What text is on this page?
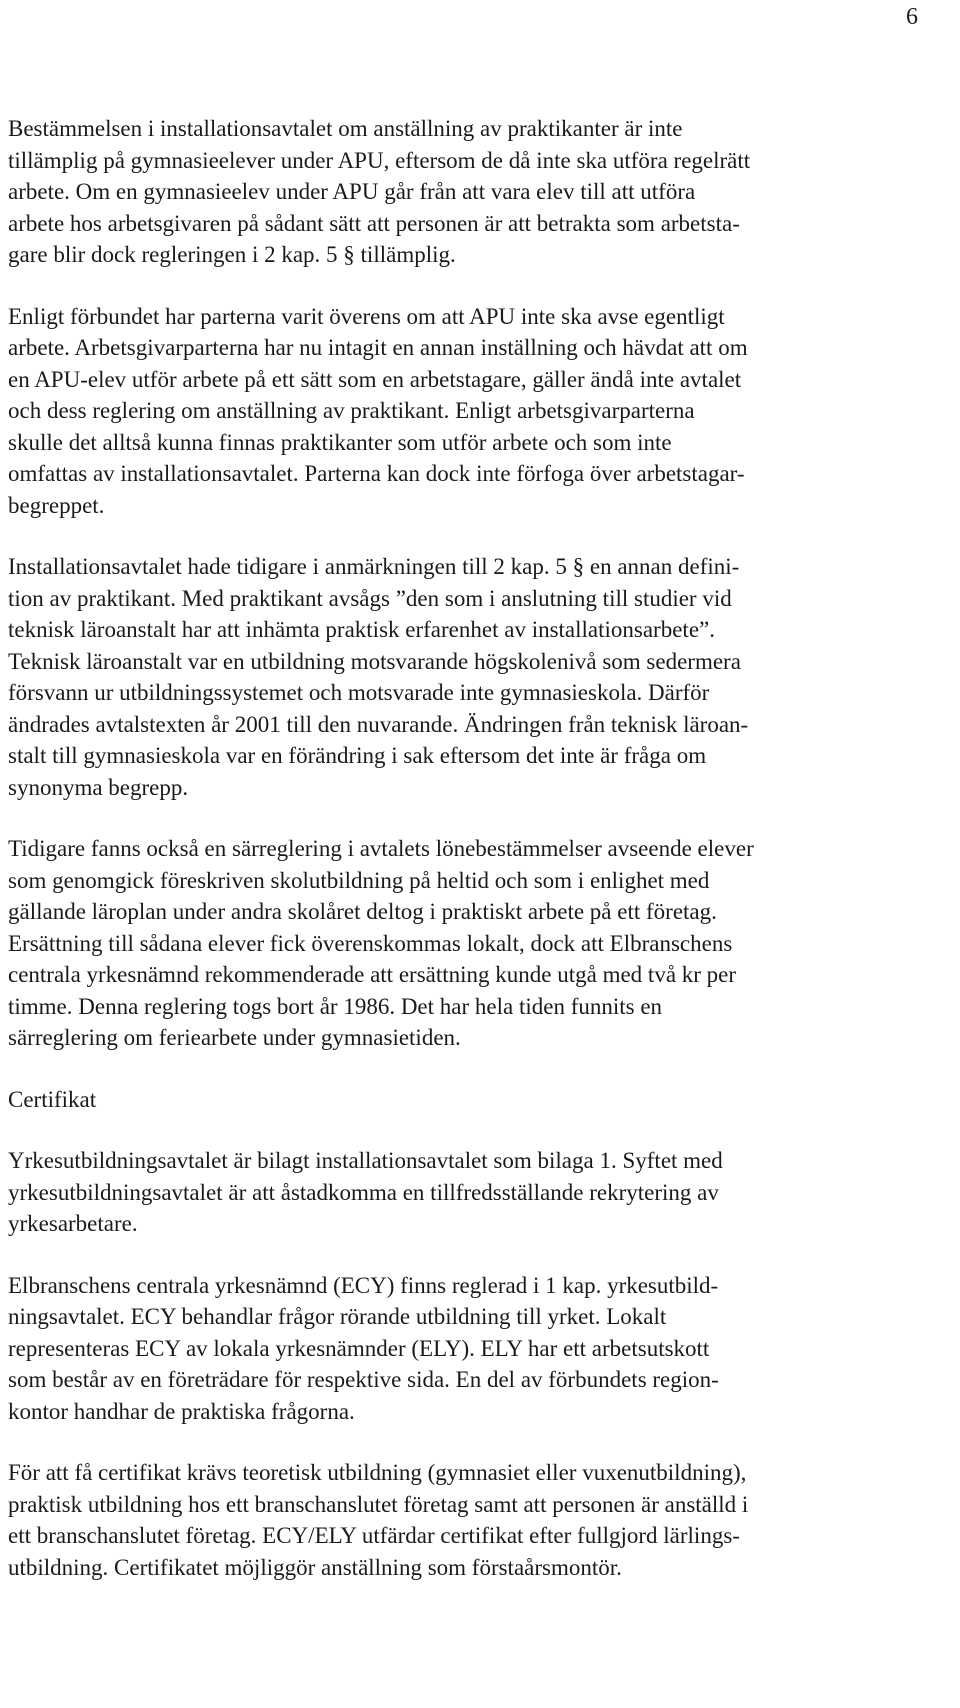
6

Bestämmelsen i installationsavtalet om anställning av praktikanter är inte
tillämplig på gymnasieelever under APU, eftersom de då inte ska utföra regelrätt
arbete. Om en gymnasieelev under APU går från att vara elev till att utföra
arbete hos arbetsgivaren på sådant sätt att personen är att betrakta som arbetsta-
gare blir dock regleringen i 2 kap. 5 § tillämplig.

Enligt förbundet har parterna varit överens om att APU inte ska avse egentligt
arbete. Arbetsgivarparterna har nu intagit en annan inställning och hävdat att om
en APU-elev utför arbete på ett sätt som en arbetstagare, gäller ändå inte avtalet
och dess reglering om anställning av praktikant. Enligt arbetsgivarparterna
skulle det alltså kunna finnas praktikanter som utför arbete och som inte
omfattas av installationsavtalet. Parterna kan dock inte förfoga över arbetstagar-
begreppet.

Installationsavtalet hade tidigare i anmärkningen till 2 kap. 5 § en annan defini-
tion av praktikant. Med praktikant avsågs ”den som i anslutning till studier vid
teknisk läroanstalt har att inhämta praktisk erfarenhet av installationsarbete”.
Teknisk läroanstalt var en utbildning motsvarande högskolenivå som sedermera
försvann ur utbildningssystemet och motsvarade inte gymnasieskola. Därför
ändrades avtalstexten år 2001 till den nuvarande. Ändringen från teknisk läroan-
stalt till gymnasieskola var en förändring i sak eftersom det inte är fråga om
synonyma begrepp.

Tidigare fanns också en särreglering i avtalets lönebestämmelser avseende elever
som genomgick föreskriven skolutbildning på heltid och som i enlighet med
gällande läroplan under andra skolåret deltog i praktiskt arbete på ett företag.
Ersättning till sådana elever fick överenskommas lokalt, dock att Elbranschens
centrala yrkesnämnd rekommenderade att ersättning kunde utgå med två kr per
timme. Denna reglering togs bort år 1986. Det har hela tiden funnits en
särreglering om feriearbete under gymnasietiden.

Certifikat

Yrkesutbildningsavtalet är bilagt installationsavtalet som bilaga 1. Syftet med
yrkesutbildningsavtalet är att åstadkomma en tillfredsställande rekrytering av
yrkesarbetare.

Elbranschens centrala yrkesnämnd (ECY) finns reglerad i 1 kap. yrkesutbild-
ningsavtalet. ECY behandlar frågor rörande utbildning till yrket. Lokalt
representeras ECY av lokala yrkesnämnder (ELY). ELY har ett arbetsutskott
som består av en företrädare för respektive sida. En del av förbundets region-
kontor handhar de praktiska frågorna.

För att få certifikat krävs teoretisk utbildning (gymnasiet eller vuxenutbildning),
praktisk utbildning hos ett branschanslutet företag samt att personen är anställd i
ett branschanslutet företag. ECY/ELY utfärdar certifikat efter fullgjord lärlings-
utbildning. Certifikatet möjliggör anställning som förstaårsmontör.
